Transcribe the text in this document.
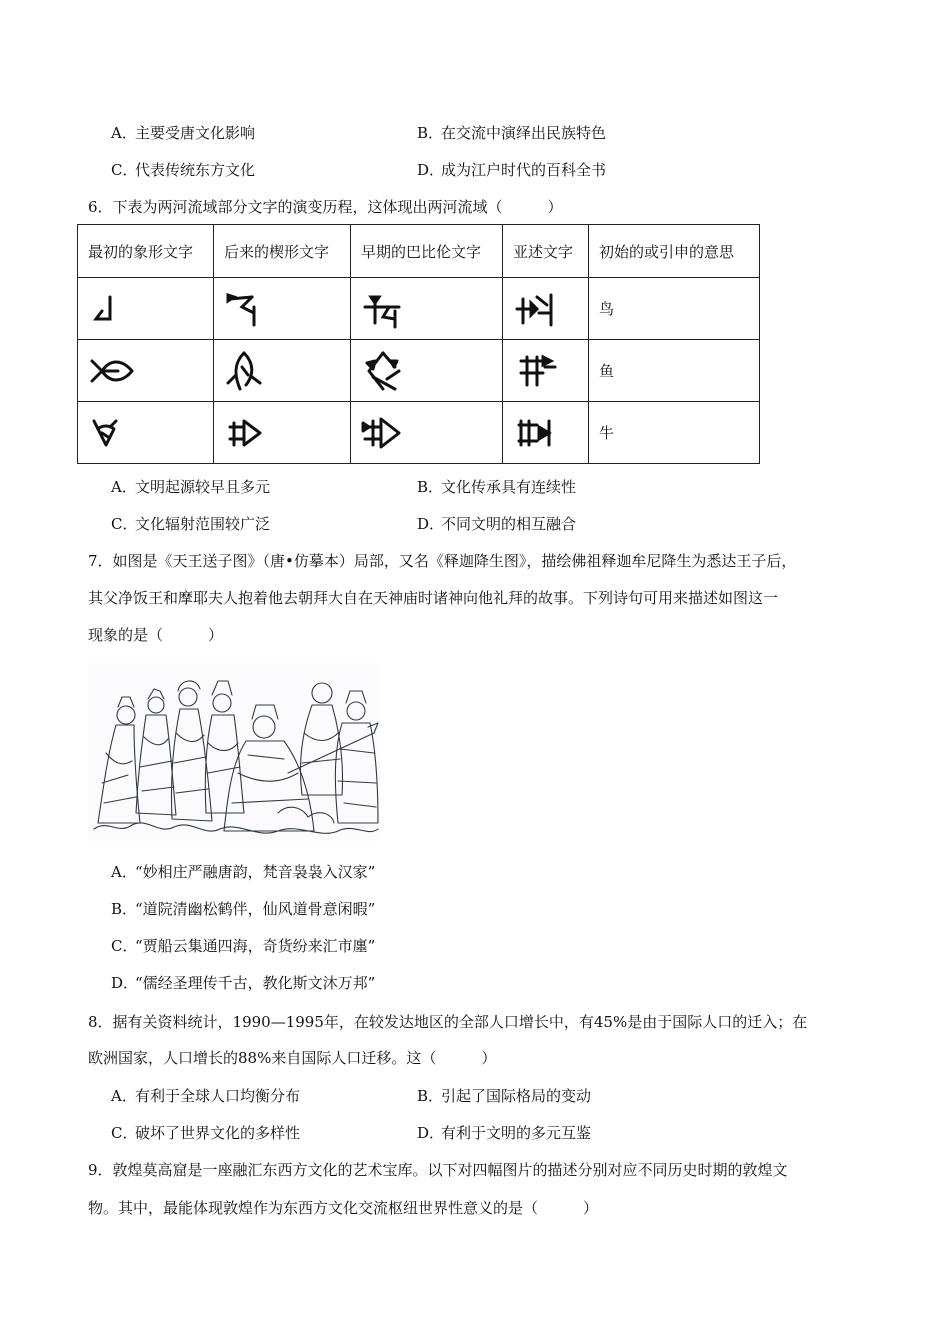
A．主要受唐文化影响	B．在交流中演绎出民族特色
C．代表传统东方文化	D．成为江户时代的百科全书
6．下表为两河流域部分文字的演变历程，这体现出两河流域（　　　）
最初的象形文字	后来的楔形文字	早期的巴比伦文字	亚述文字	初始的或引申的意思

	鸟

	鱼

	牛
A．文明起源较早且多元	B．文化传承具有连续性
C．文化辐射范围较广泛	D．不同文明的相互融合
7．如图是《天王送子图》（唐•仿摹本）局部，又名《释迦降生图》，描绘佛祖释迦牟尼降生为悉达王子后，
其父净饭王和摩耶夫人抱着他去朝拜大自在天神庙时诸神向他礼拜的故事。下列诗句可用来描述如图这一
现象的是（　　　）
A．“妙相庄严融唐韵，梵音袅袅入汉家”
B．“道院清幽松鹤伴，仙风道骨意闲暇”
C．“贾船云集通四海，奇货纷来汇市廛”
D．“儒经圣理传千古，教化斯文沐万邦”
8．据有关资料统计，1990—1995年，在较发达地区的全部人口增长中，有45%是由于国际人口的迁入；在
欧洲国家，人口增长的88%来自国际人口迁移。这（　　　）
A．有利于全球人口均衡分布	B．引起了国际格局的变动
C．破坏了世界文化的多样性	D．有利于文明的多元互鉴
9．敦煌莫高窟是一座融汇东西方文化的艺术宝库。以下对四幅图片的描述分别对应不同历史时期的敦煌文
物。其中，最能体现敦煌作为东西方文化交流枢纽世界性意义的是（　　　）
